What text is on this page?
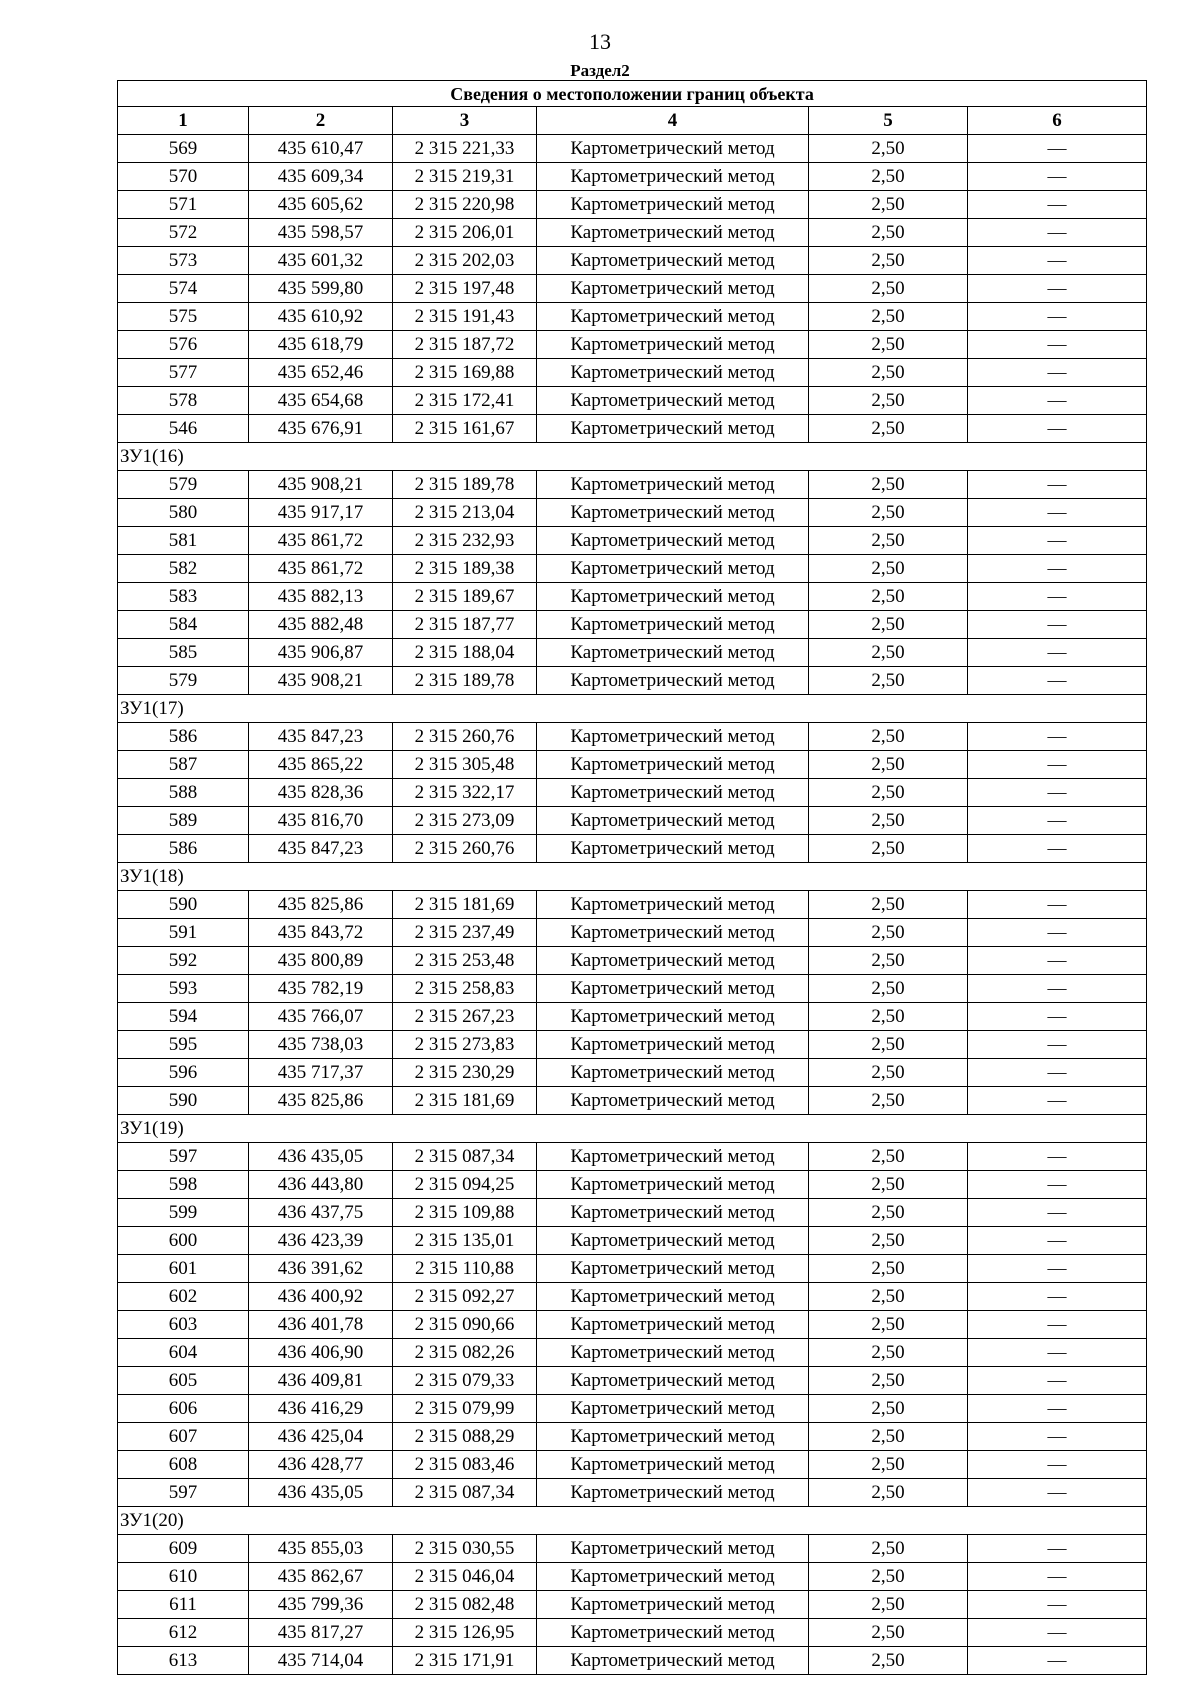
13
Раздел2
Сведения о местоположении границ объекта					
1	2	3	4	5	6
569	435 610,47	2 315 221,33	Картометрический метод	2,50	—
570	435 609,34	2 315 219,31	Картометрический метод	2,50	—
571	435 605,62	2 315 220,98	Картометрический метод	2,50	—
572	435 598,57	2 315 206,01	Картометрический метод	2,50	—
573	435 601,32	2 315 202,03	Картометрический метод	2,50	—
574	435 599,80	2 315 197,48	Картометрический метод	2,50	—
575	435 610,92	2 315 191,43	Картометрический метод	2,50	—
576	435 618,79	2 315 187,72	Картометрический метод	2,50	—
577	435 652,46	2 315 169,88	Картометрический метод	2,50	—
578	435 654,68	2 315 172,41	Картометрический метод	2,50	—
546	435 676,91	2 315 161,67	Картометрический метод	2,50	—
ЗУ1(16)					
579	435 908,21	2 315 189,78	Картометрический метод	2,50	—
580	435 917,17	2 315 213,04	Картометрический метод	2,50	—
581	435 861,72	2 315 232,93	Картометрический метод	2,50	—
582	435 861,72	2 315 189,38	Картометрический метод	2,50	—
583	435 882,13	2 315 189,67	Картометрический метод	2,50	—
584	435 882,48	2 315 187,77	Картометрический метод	2,50	—
585	435 906,87	2 315 188,04	Картометрический метод	2,50	—
579	435 908,21	2 315 189,78	Картометрический метод	2,50	—
ЗУ1(17)					
586	435 847,23	2 315 260,76	Картометрический метод	2,50	—
587	435 865,22	2 315 305,48	Картометрический метод	2,50	—
588	435 828,36	2 315 322,17	Картометрический метод	2,50	—
589	435 816,70	2 315 273,09	Картометрический метод	2,50	—
586	435 847,23	2 315 260,76	Картометрический метод	2,50	—
ЗУ1(18)					
590	435 825,86	2 315 181,69	Картометрический метод	2,50	—
591	435 843,72	2 315 237,49	Картометрический метод	2,50	—
592	435 800,89	2 315 253,48	Картометрический метод	2,50	—
593	435 782,19	2 315 258,83	Картометрический метод	2,50	—
594	435 766,07	2 315 267,23	Картометрический метод	2,50	—
595	435 738,03	2 315 273,83	Картометрический метод	2,50	—
596	435 717,37	2 315 230,29	Картометрический метод	2,50	—
590	435 825,86	2 315 181,69	Картометрический метод	2,50	—
ЗУ1(19)					
597	436 435,05	2 315 087,34	Картометрический метод	2,50	—
598	436 443,80	2 315 094,25	Картометрический метод	2,50	—
599	436 437,75	2 315 109,88	Картометрический метод	2,50	—
600	436 423,39	2 315 135,01	Картометрический метод	2,50	—
601	436 391,62	2 315 110,88	Картометрический метод	2,50	—
602	436 400,92	2 315 092,27	Картометрический метод	2,50	—
603	436 401,78	2 315 090,66	Картометрический метод	2,50	—
604	436 406,90	2 315 082,26	Картометрический метод	2,50	—
605	436 409,81	2 315 079,33	Картометрический метод	2,50	—
606	436 416,29	2 315 079,99	Картометрический метод	2,50	—
607	436 425,04	2 315 088,29	Картометрический метод	2,50	—
608	436 428,77	2 315 083,46	Картометрический метод	2,50	—
597	436 435,05	2 315 087,34	Картометрический метод	2,50	—
ЗУ1(20)					
609	435 855,03	2 315 030,55	Картометрический метод	2,50	—
610	435 862,67	2 315 046,04	Картометрический метод	2,50	—
611	435 799,36	2 315 082,48	Картометрический метод	2,50	—
612	435 817,27	2 315 126,95	Картометрический метод	2,50	—
613	435 714,04	2 315 171,91	Картометрический метод	2,50	—
